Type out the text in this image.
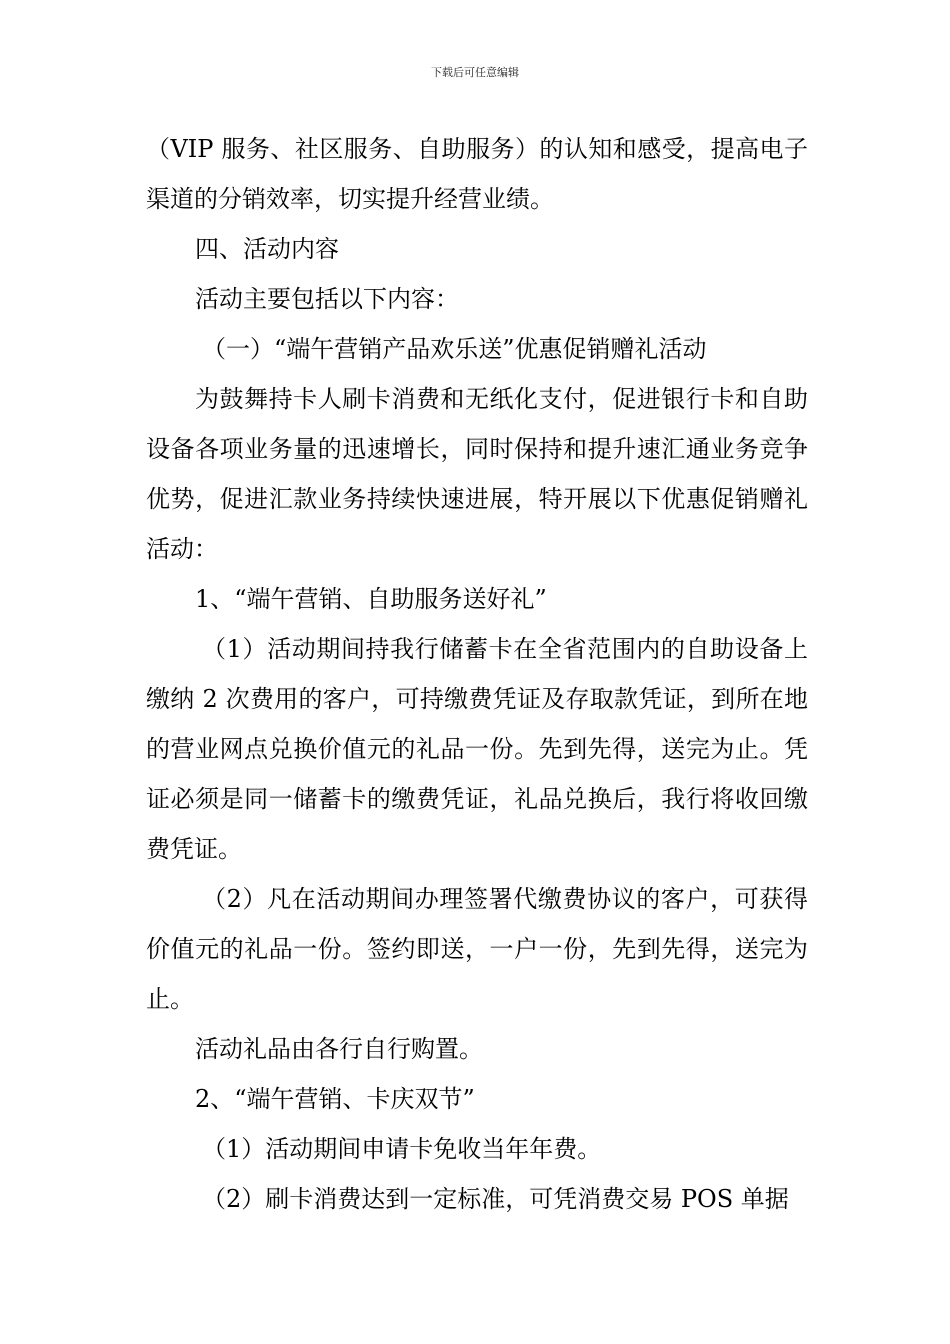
下载后可任意编辑

（VIP 服务、社区服务、自助服务）的认知和感受，提高电子渠道的分销效率，切实提升经营业绩。

四、活动内容

活动主要包括以下内容：

（一）“端午营销产品欢乐送”优惠促销赠礼活动

为鼓舞持卡人刷卡消费和无纸化支付，促进银行卡和自助设备各项业务量的迅速增长，同时保持和提升速汇通业务竞争优势，促进汇款业务持续快速进展，特开展以下优惠促销赠礼活动：

1、“端午营销、自助服务送好礼”

（1）活动期间持我行储蓄卡在全省范围内的自助设备上缴纳 2 次费用的客户，可持缴费凭证及存取款凭证，到所在地的营业网点兑换价值元的礼品一份。先到先得，送完为止。凭证必须是同一储蓄卡的缴费凭证，礼品兑换后，我行将收回缴费凭证。

（2）凡在活动期间办理签署代缴费协议的客户，可获得价值元的礼品一份。签约即送，一户一份，先到先得，送完为止。

活动礼品由各行自行购置。

2、“端午营销、卡庆双节”

（1）活动期间申请卡免收当年年费。

（2）刷卡消费达到一定标准，可凭消费交易 POS 单据
